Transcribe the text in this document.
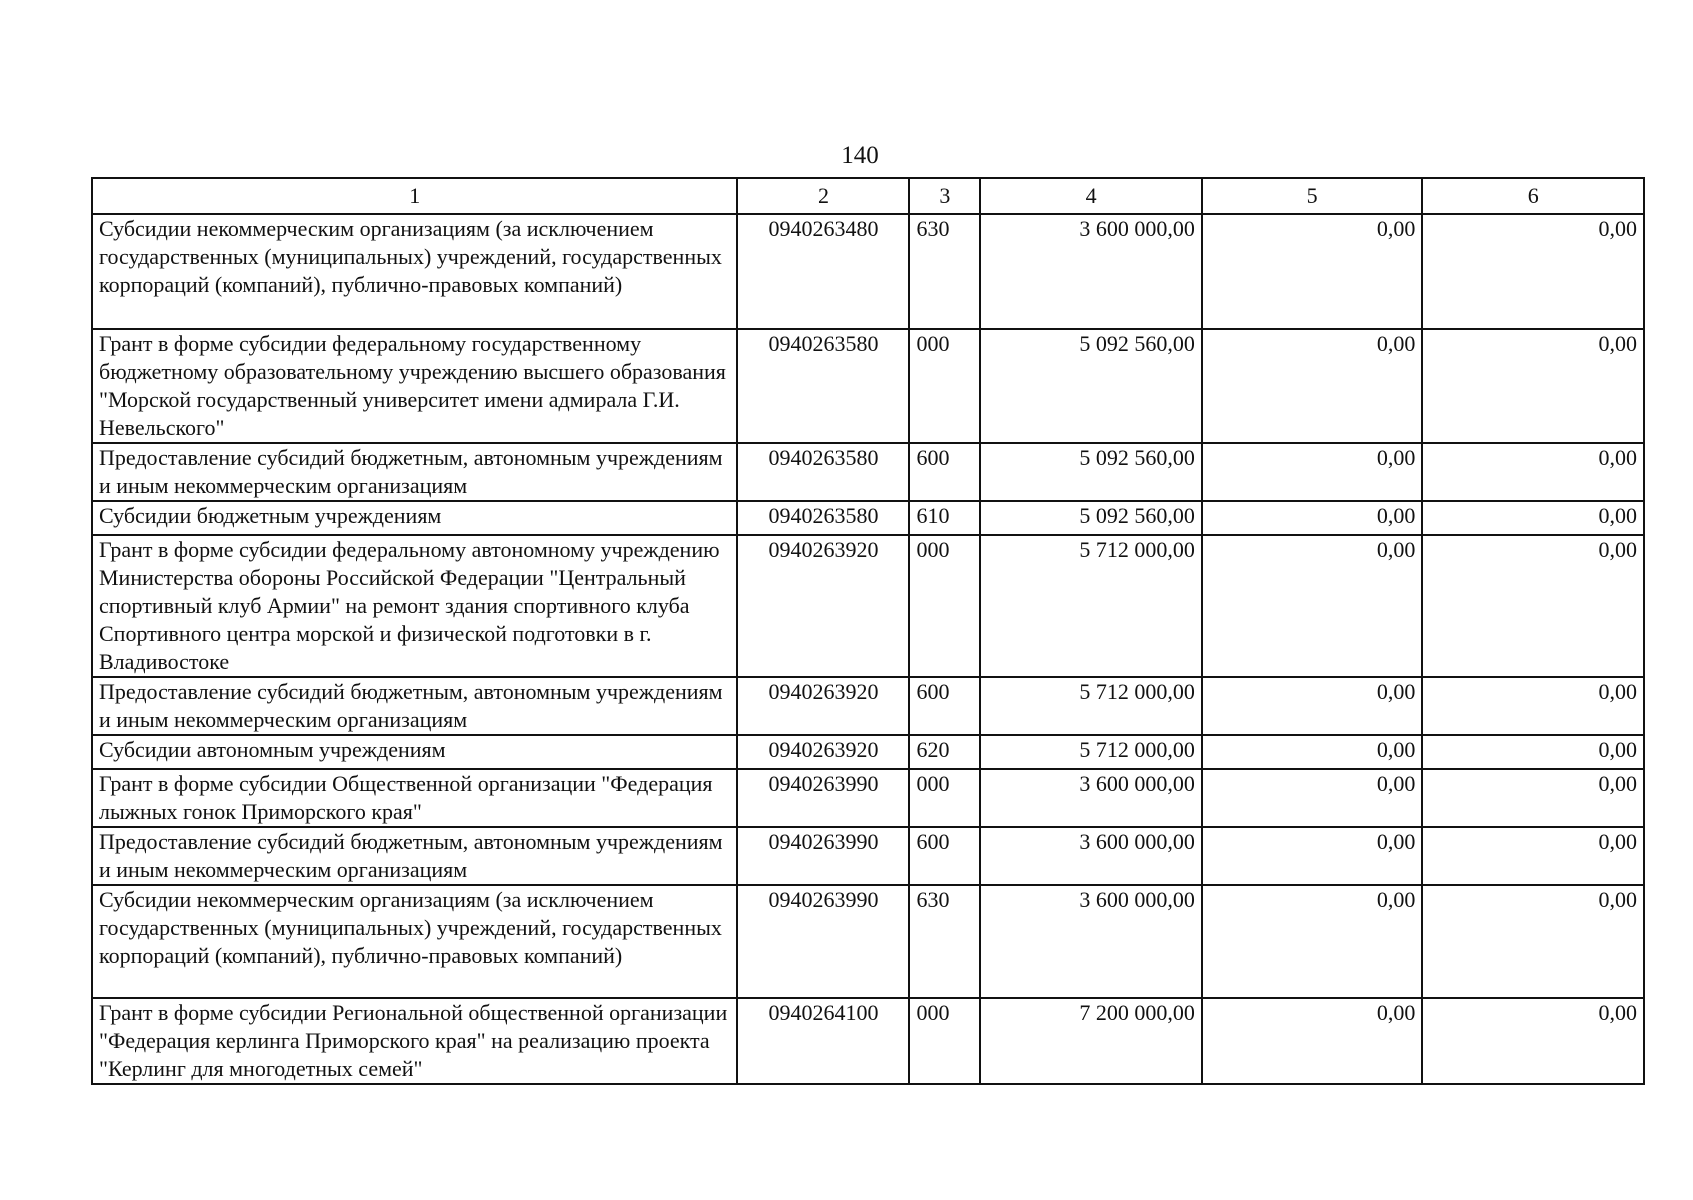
140
1	2	3	4	5	6
Субсидии некоммерческим организациям (за исключением государственных (муниципальных) учреждений, государственных корпораций (компаний), публично-правовых компаний)	0940263480	630	3 600 000,00	0,00	0,00
Грант в форме субсидии федеральному государственному бюджетному образовательному учреждению высшего образования "Морской государственный университет имени адмирала Г.И. Невельского"	0940263580	000	5 092 560,00	0,00	0,00
Предоставление субсидий бюджетным, автономным учреждениям и иным некоммерческим организациям	0940263580	600	5 092 560,00	0,00	0,00
Субсидии бюджетным учреждениям	0940263580	610	5 092 560,00	0,00	0,00
Грант в форме субсидии федеральному автономному учреждению Министерства обороны Российской Федерации "Центральный спортивный клуб Армии" на ремонт здания спортивного клуба Спортивного центра морской и физической подготовки в г. Владивостоке	0940263920	000	5 712 000,00	0,00	0,00
Предоставление субсидий бюджетным, автономным учреждениям и иным некоммерческим организациям	0940263920	600	5 712 000,00	0,00	0,00
Субсидии автономным учреждениям	0940263920	620	5 712 000,00	0,00	0,00
Грант в форме субсидии Общественной организации "Федерация лыжных гонок Приморского края"	0940263990	000	3 600 000,00	0,00	0,00
Предоставление субсидий бюджетным, автономным учреждениям и иным некоммерческим организациям	0940263990	600	3 600 000,00	0,00	0,00
Субсидии некоммерческим организациям (за исключением государственных (муниципальных) учреждений, государственных корпораций (компаний), публично-правовых компаний)	0940263990	630	3 600 000,00	0,00	0,00
Грант в форме субсидии Региональной общественной организации "Федерация керлинга Приморского края" на реализацию проекта "Керлинг для многодетных семей"	0940264100	000	7 200 000,00	0,00	0,00
